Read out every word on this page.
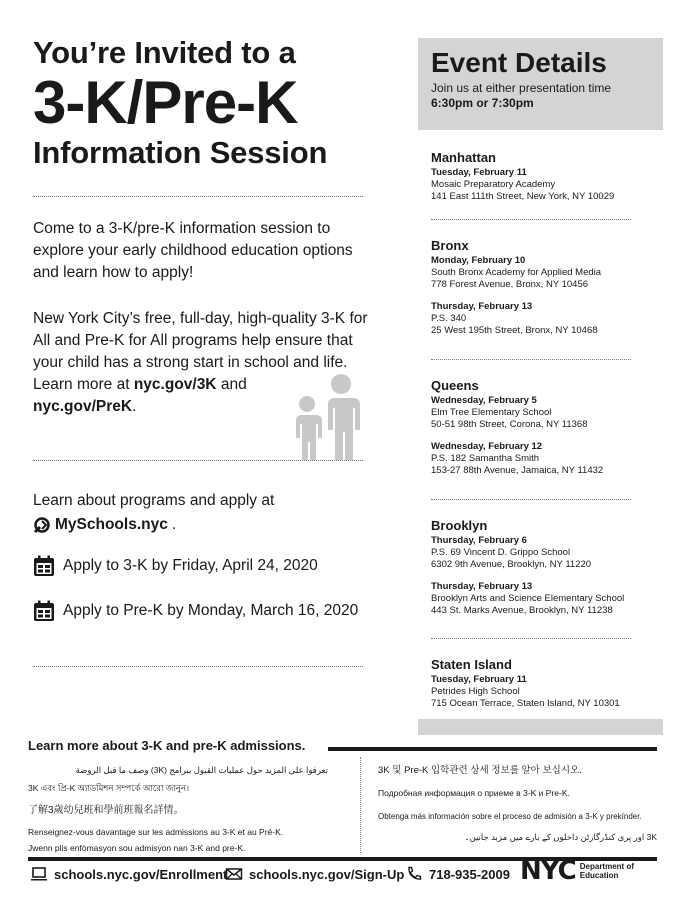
You’re Invited to a
3-K/Pre-K
Information Session

Come to a 3-K/pre-K information session to explore your early childhood education options and learn how to apply!

New York City’s free, full-day, high-quality 3-K for All and Pre-K for All programs help ensure that your child has a strong start in school and life. Learn more at nyc.gov/3K and
nyc.gov/PreK.

Learn about programs and apply at
MySchools.nyc .
Apply to 3-K by Friday, April 24, 2020
Apply to Pre-K by Monday, March 16, 2020
Event Details
Join us at either presentation time
6:30pm or 7:30pm
Manhattan
Tuesday, February 11
Mosaic Preparatory Academy
141 East 111th Street, New York, NY 10029
Bronx
Monday, February 10
South Bronx Academy for Applied Media
778 Forest Avenue, Bronx, NY 10456
Thursday, February 13
P.S. 340
25 West 195th Street, Bronx, NY 10468
Queens
Wednesday, February 5
Elm Tree Elementary School
50-51 98th Street, Corona, NY 11368
Wednesday, February 12
P.S. 182 Samantha Smith
153-27 88th Avenue, Jamaica, NY 11432
Brooklyn
Thursday, February 6
P.S. 69 Vincent D. Grippo School
6302 9th Avenue, Brooklyn, NY 11220
Thursday, February 13
Brooklyn Arts and Science Elementary School
443 St. Marks Avenue, Brooklyn, NY 11238
Staten Island
Tuesday, February 11
Petrides High School
715 Ocean Terrace, Staten Island, NY 10301
Learn more about 3-K and pre-K admissions.
تعرفوا على المزيد حول عمليات القبول ببرامج (3K) وصف ما قبل الروضة
3K এবং প্রি-K অ্যাডমিশন সম্পর্কে আরো জানুন।
了解3歲幼兒班和學前班報名詳情。
Renseignez-vous davantage sur les admissions au 3-K et au Pré-K.
Jwenn plis enfòmasyon sou admisyon nan 3-K and pre-K.
3K 및 Pre-K 입학관련 상세 정보를 알아 보십시오.
Подробная информация о приеме в 3-K и Pre-K.
Obtenga más información sobre el proceso de admisión a 3-K y prekínder.
3K اور پری کنڈرگارٹن داخلوں کے بارے میں مزید جانیں۔
schools.nyc.gov/Enrollment schools.nyc.gov/Sign-Up 718-935-2009 NYC Department of
Education
